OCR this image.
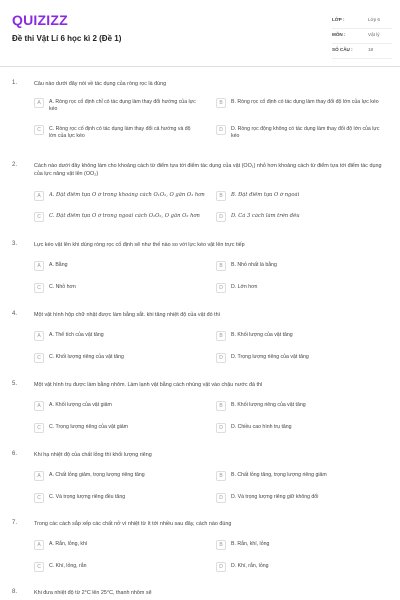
QUIZIZZ
Đề thi Vật Lí 6 học kì 2 (Đề 1)
LỚP :	Lớp 6
MÔN :	Vật lý
SỐ CÂU :	18
1.	Câu nào dưới đây nói về tác dụng của ròng rọc là đúng
A	A. Ròng rọc cố định chỉ có tác dụng làm thay đổi hướng của lực kéo
B	B. Ròng rọc cố định có tác dụng làm thay đổi độ lớn của lực kéo
C	C. Ròng rọc cố định có tác dụng làm thay đổi cả hướng và độ lớn của lực kéo
D	D. Ròng rọc động không có tác dụng làm thay đổi độ lớn của lực kéo
2.	Cách nào dưới đây không làm cho khoảng cách từ điểm tựa tới điểm tác dụng của vật (OO₁) nhỏ hơn khoảng cách từ điểm tựa tới điểm tác dụng của lực nâng vật lên (OO₂)
A	A. Đặt điểm tựa O ở trong khoảng cách O₁O₂, O gần O₁ hơn	B	B. Đặt điểm tựa O ở ngoài
C	C. Đặt điểm tựa O ở trong ngoài cách O₁O₂, O gần O₂ hơn	D	D. Cả 3 cách làm trên đều
3.	Lực kéo vật lên khi dùng ròng rọc cố định sẽ như thế nào so với lực kéo vật lên trực tiếp
A	A. Bằng	B	B. Nhỏ nhất là bằng
C	C. Nhỏ hơn	D	D. Lớn hơn
4.	Một vật hình hộp chữ nhật được làm bằng sắt. khi tăng nhiệt độ của vật đó thì
A	A. Thể tích của vật tăng	B	B. Khối lượng của vật tăng
C	C. Khối lượng riêng của vật tăng	D	D. Trọng lượng riêng của vật tăng
5.	Một vật hình trụ được làm bằng nhôm. Làm lạnh vật bằng cách nhúng vật vào chậu nước đá thì
A	A. Khối lượng của vật giảm	B	B. Khối lượng riêng của vật tăng
C	C. Trọng lượng riêng của vật giảm	D	D. Chiều cao hình trụ tăng
6.	Khi hạ nhiệt độ của chất lỏng thì khối lượng riêng
A	A. Chất lỏng giảm, trọng lượng riêng tăng	B	B. Chất lỏng tăng, trọng lượng riêng giảm
C	C. Và trọng lượng riêng đều tăng	D	D. Và trọng lượng riêng giữ không đổi
7.	Trong các cách sắp xếp các chất nở vì nhiệt từ ít tới nhiều sau đây, cách nào đúng
A	A. Rắn, lỏng, khí	B	B. Rắn, khí, lỏng
C	C. Khí, lỏng, rắn	D	D. Khí, rắn, lỏng
8.	Khi đưa nhiệt độ từ 2°C lên 25°C, thanh nhôm sẽ
